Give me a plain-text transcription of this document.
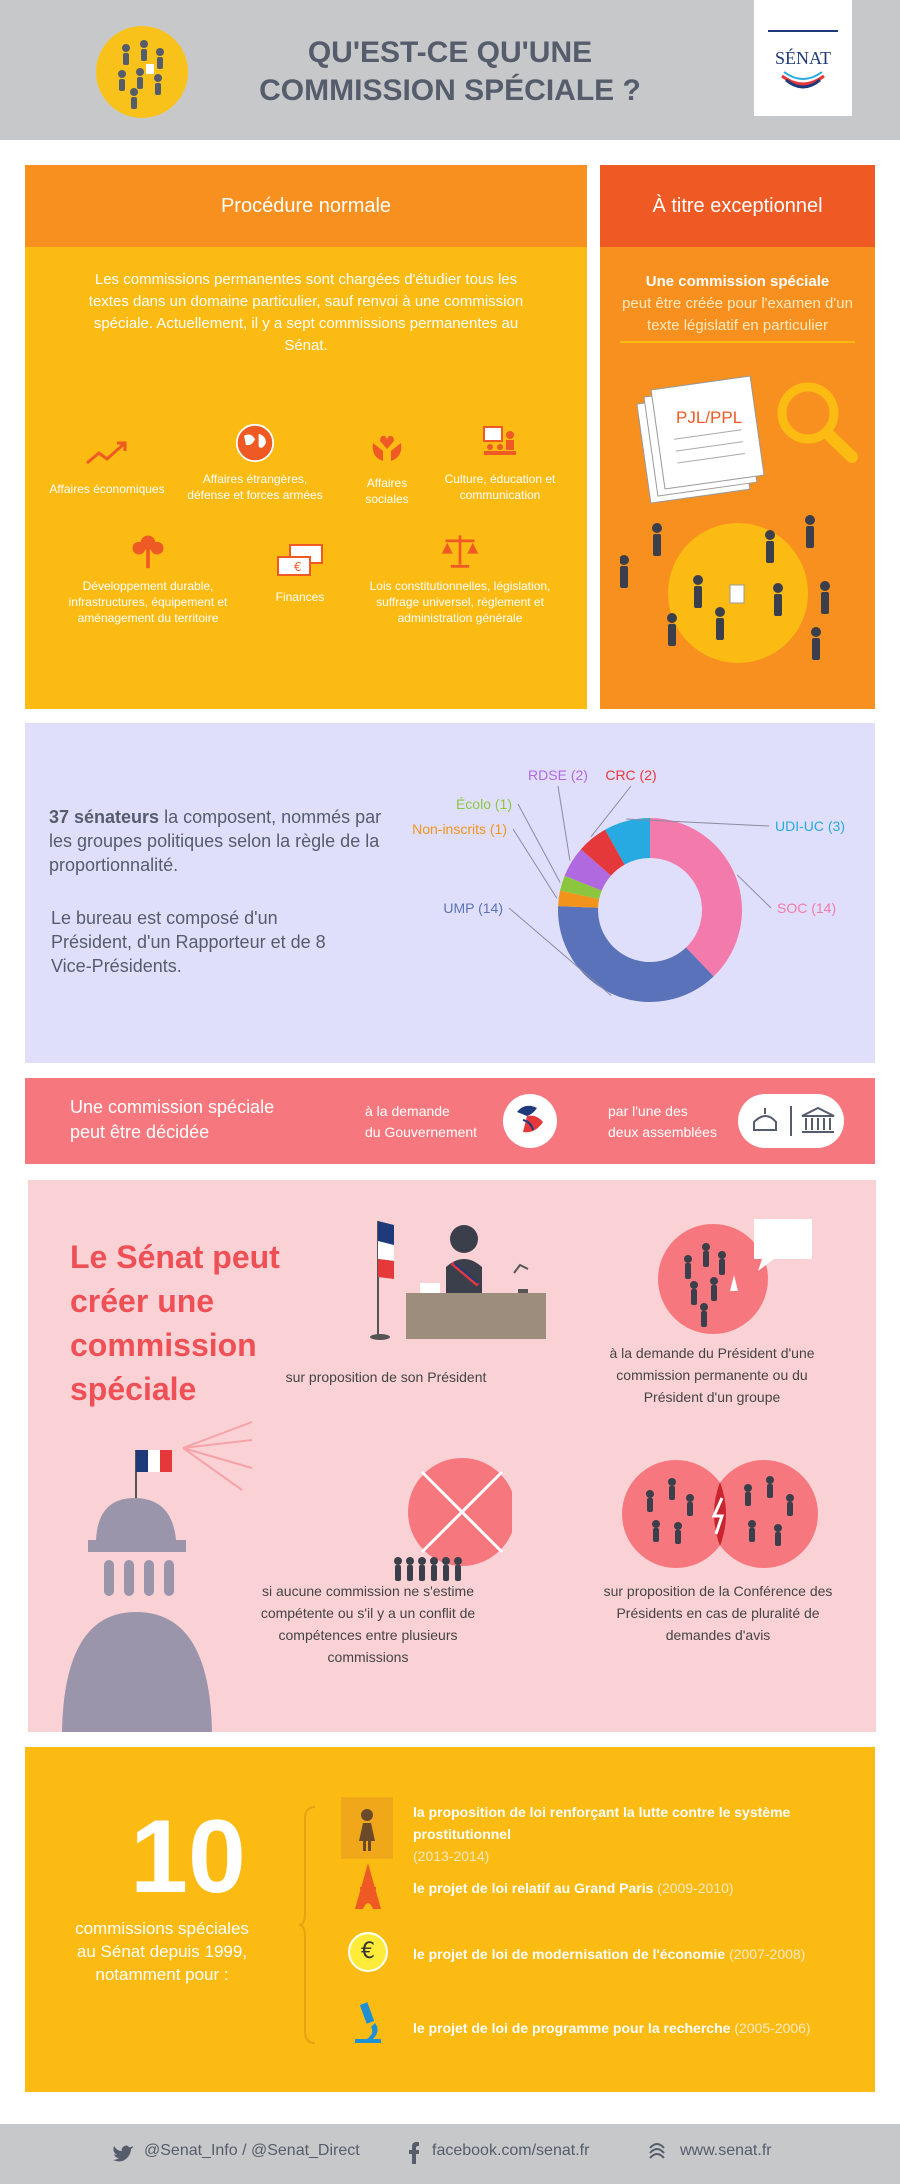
QU'EST-CE QU'UNE
COMMISSION SPÉCIALE ?
SÉNAT
Procédure normale
Les commissions permanentes sont chargées d'étudier tous les textes dans un domaine particulier, sauf renvoi à une commission spéciale. Actuellement, il y a sept commissions permanentes au Sénat.
Affaires économiques
Affaires étrangères, défense et forces armées
Affaires sociales
Culture, éducation et communication
Développement durable, infrastructures, équipement et aménagement du territoire
€
Finances
Lois constitutionnelles, législation, suffrage universel, règlement et administration générale
À titre exceptionnel
Une commission spéciale
peut être créée pour l'examen d'un texte législatif en particulier
PJL/PPL
37 sénateurs la composent, nommés par les groupes politiques selon la règle de la proportionnalité.
Le bureau est composé d'un Président, d'un Rapporteur et de 8 Vice-Présidents.
SOC (14)
UMP (14)
Non-inscrits (1)
Écolo (1)
RDSE (2) CRC (2)
UDI-UC (3)
Une commission spéciale
peut être décidée
à la demande
du Gouvernement
par l'une des
deux assemblées
Le Sénat peut créer une commission spéciale	sur proposition de son Président
à la demande du Président d'une commission permanente ou du Président d'un groupe
si aucune commission ne s'estime compétente ou s'il y a un conflit de compétences entre plusieurs commissions
sur proposition de la Conférence des Présidents en cas de pluralité de demandes d'avis
10
commissions spéciales
au Sénat depuis 1999, notamment pour :
la proposition de loi renforçant la lutte contre le système prostitutionnel
(2013-2014)
le projet de loi relatif au Grand Paris (2009-2010)
€	le projet de loi de modernisation de l'économie (2007-2008)
le projet de loi de programme pour la recherche (2005-2006)
@Senat_Info / @Senat_Direct	facebook.com/senat.fr	www.senat.fr
